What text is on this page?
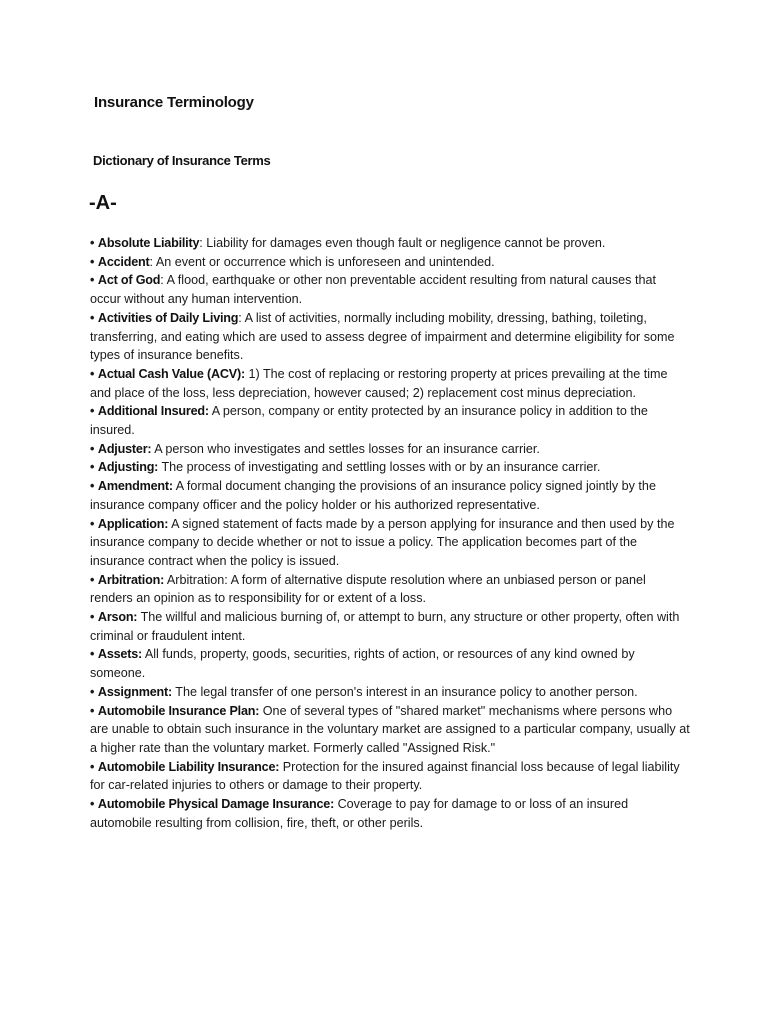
Insurance Terminology
Dictionary of Insurance Terms
-A-
• Absolute Liability: Liability for damages even though fault or negligence cannot be proven.
• Accident: An event or occurrence which is unforeseen and unintended.
• Act of God: A flood, earthquake or other non preventable accident resulting from natural causes that occur without any human intervention.
• Activities of Daily Living: A list of activities, normally including mobility, dressing, bathing, toileting, transferring, and eating which are used to assess degree of impairment and determine eligibility for some types of insurance benefits.
• Actual Cash Value (ACV): 1) The cost of replacing or restoring property at prices prevailing at the time and place of the loss, less depreciation, however caused; 2) replacement cost minus depreciation.
• Additional Insured: A person, company or entity protected by an insurance policy in addition to the insured.
• Adjuster: A person who investigates and settles losses for an insurance carrier.
• Adjusting: The process of investigating and settling losses with or by an insurance carrier.
• Amendment: A formal document changing the provisions of an insurance policy signed jointly by the insurance company officer and the policy holder or his authorized representative.
• Application: A signed statement of facts made by a person applying for insurance and then used by the insurance company to decide whether or not to issue a policy. The application becomes part of the insurance contract when the policy is issued.
• Arbitration: Arbitration: A form of alternative dispute resolution where an unbiased person or panel renders an opinion as to responsibility for or extent of a loss.
• Arson: The willful and malicious burning of, or attempt to burn, any structure or other property, often with criminal or fraudulent intent.
• Assets: All funds, property, goods, securities, rights of action, or resources of any kind owned by someone.
• Assignment: The legal transfer of one person's interest in an insurance policy to another person.
• Automobile Insurance Plan: One of several types of "shared market" mechanisms where persons who are unable to obtain such insurance in the voluntary market are assigned to a particular company, usually at a higher rate than the voluntary market. Formerly called "Assigned Risk."
• Automobile Liability Insurance: Protection for the insured against financial loss because of legal liability for car-related injuries to others or damage to their property.
• Automobile Physical Damage Insurance: Coverage to pay for damage to or loss of an insured automobile resulting from collision, fire, theft, or other perils.
